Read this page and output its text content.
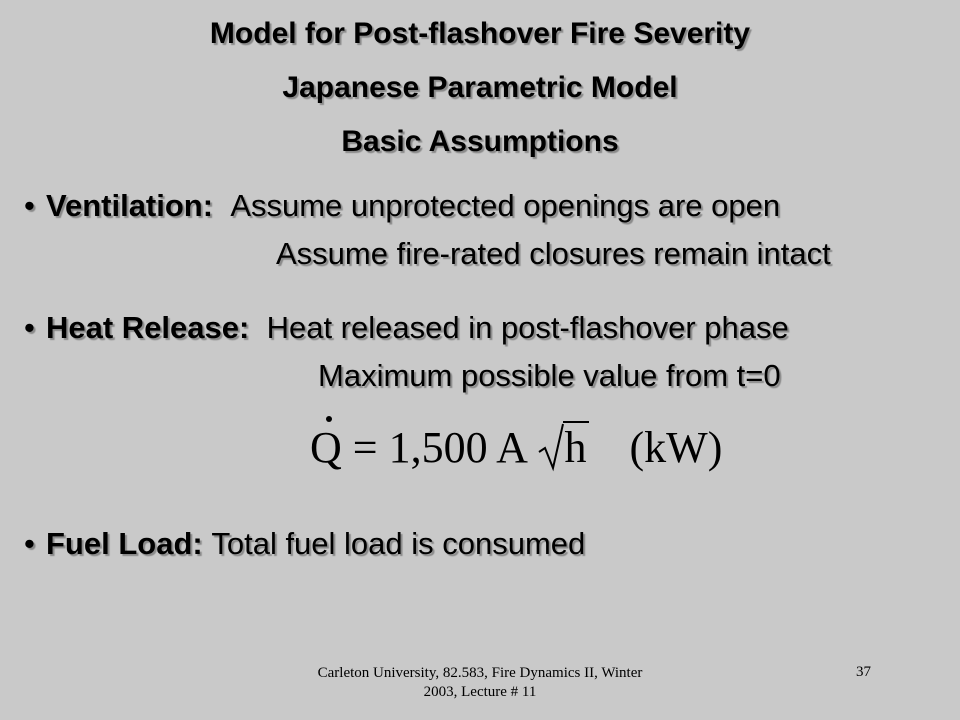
Model for Post-flashover Fire Severity
Japanese Parametric Model
Basic Assumptions
• Ventilation: Assume unprotected openings are open
Assume fire-rated closures remain intact
• Heat Release: Heat released in post-flashover phase
Maximum possible value from t=0
Q = 1,500 A h (kW)
• Fuel Load: Total fuel load is consumed
Carleton University, 82.583, Fire Dynamics II, Winter 2003, Lecture # 11
37
